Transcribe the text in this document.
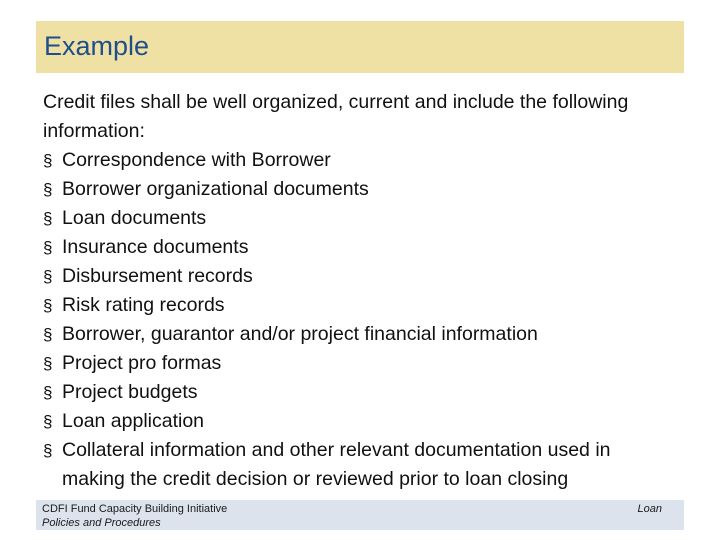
Example

Credit files shall be well organized, current and include the following information:

§ Correspondence with Borrower
§ Borrower organizational documents
§ Loan documents
§ Insurance documents
§ Disbursement records
§ Risk rating records
§ Borrower, guarantor and/or project financial information
§ Project pro formas
§ Project budgets
§ Loan application
§ Collateral information and other relevant documentation used in making the credit decision or reviewed prior to loan closing
CDFI Fund Capacity Building Initiative
Policies and Procedures
Loan
